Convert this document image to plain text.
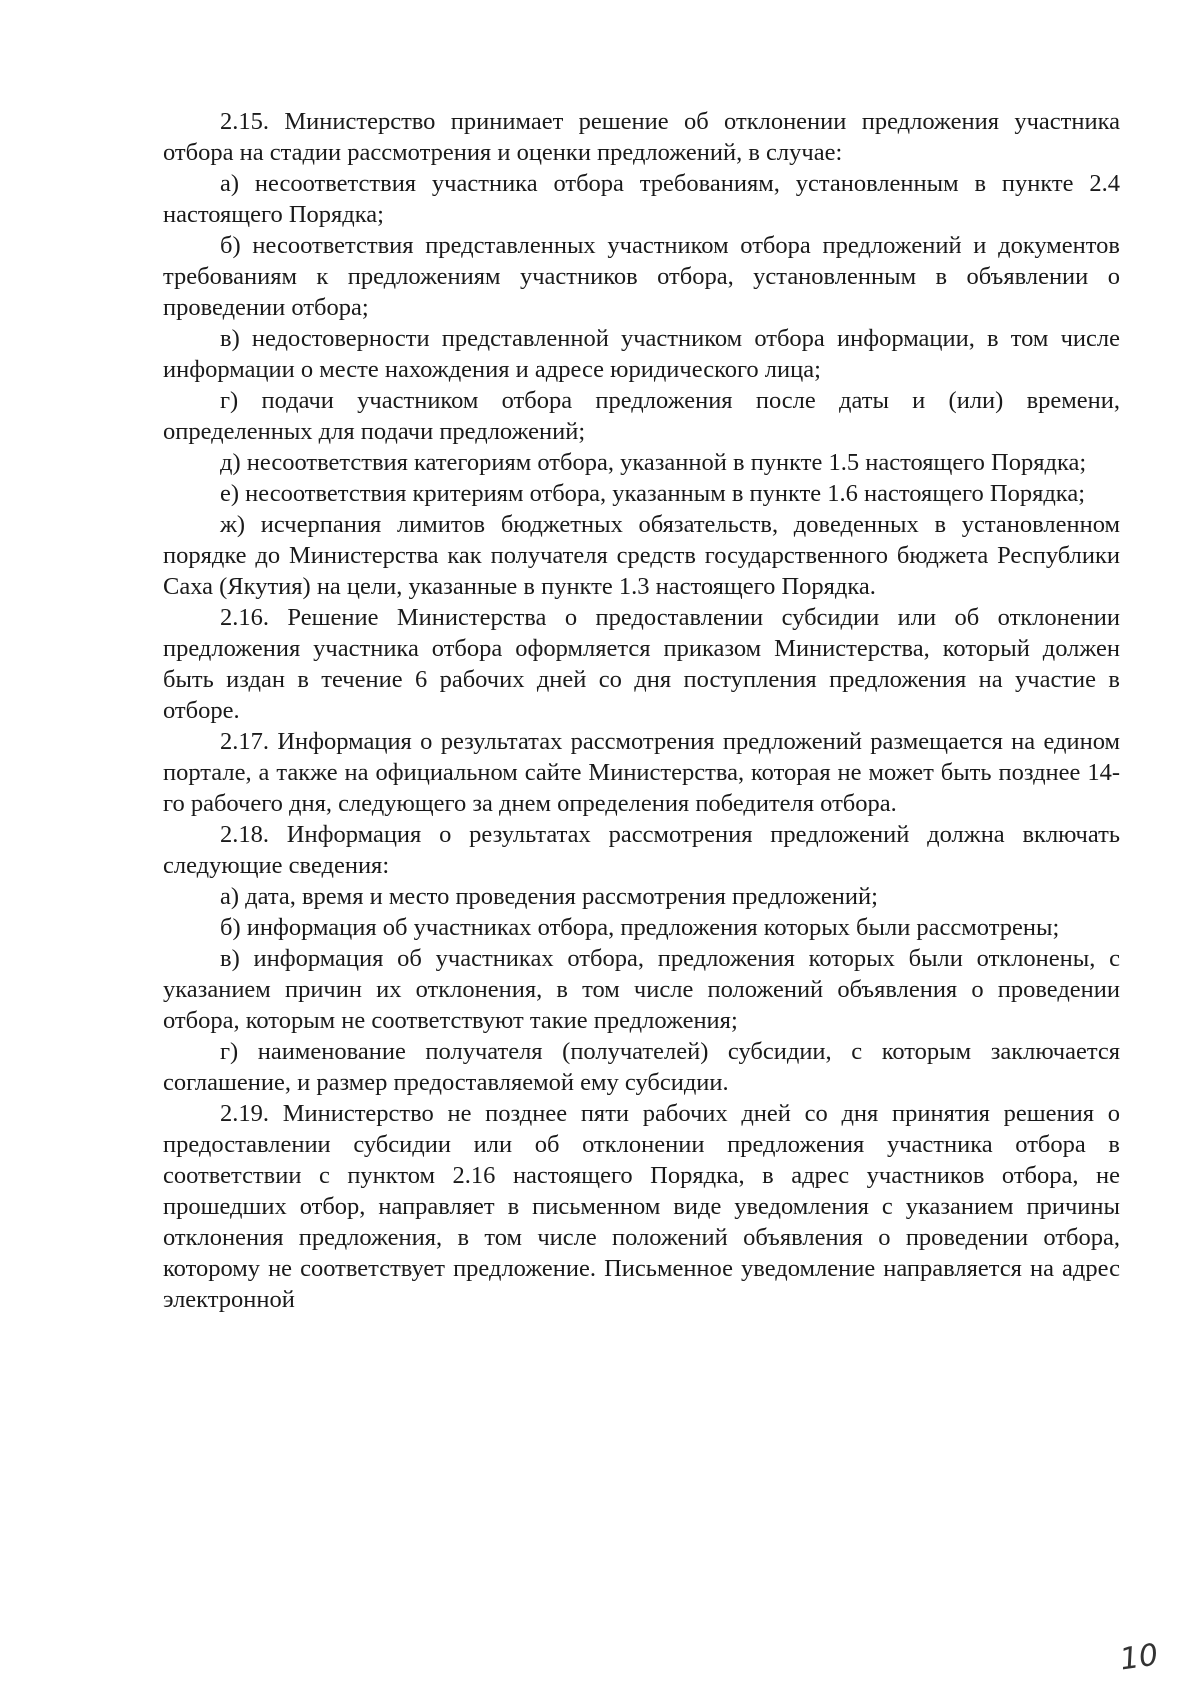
2.15. Министерство принимает решение об отклонении предложения участника отбора на стадии рассмотрения и оценки предложений, в случае:

а) несоответствия участника отбора требованиям, установленным в пункте 2.4 настоящего Порядка;

б) несоответствия представленных участником отбора предложений и документов требованиям к предложениям участников отбора, установленным в объявлении о проведении отбора;

в) недостоверности представленной участником отбора информации, в том числе информации о месте нахождения и адресе юридического лица;

г) подачи участником отбора предложения после даты и (или) времени, определенных для подачи предложений;

д) несоответствия категориям отбора, указанной в пункте 1.5 настоящего Порядка;

е) несоответствия критериям отбора, указанным в пункте 1.6 настоящего Порядка;

ж) исчерпания лимитов бюджетных обязательств, доведенных в установленном порядке до Министерства как получателя средств государственного бюджета Республики Саха (Якутия) на цели, указанные в пункте 1.3 настоящего Порядка.

2.16. Решение Министерства о предоставлении субсидии или об отклонении предложения участника отбора оформляется приказом Министерства, который должен быть издан в течение 6 рабочих дней со дня поступления предложения на участие в отборе.

2.17. Информация о результатах рассмотрения предложений размещается на едином портале, а также на официальном сайте Министерства, которая не может быть позднее 14-го рабочего дня, следующего за днем определения победителя отбора.

2.18. Информация о результатах рассмотрения предложений должна включать следующие сведения:

а) дата, время и место проведения рассмотрения предложений;

б) информация об участниках отбора, предложения которых были рассмотрены;

в) информация об участниках отбора, предложения которых были отклонены, с указанием причин их отклонения, в том числе положений объявления о проведении отбора, которым не соответствуют такие предложения;

г) наименование получателя (получателей) субсидии, с которым заключается соглашение, и размер предоставляемой ему субсидии.

2.19. Министерство не позднее пяти рабочих дней со дня принятия решения о предоставлении субсидии или об отклонении предложения участника отбора в соответствии с пунктом 2.16 настоящего Порядка, в адрес участников отбора, не прошедших отбор, направляет в письменном виде уведомления с указанием причины отклонения предложения, в том числе положений объявления о проведении отбора, которому не соответствует предложение. Письменное уведомление направляется на адрес электронной

10
